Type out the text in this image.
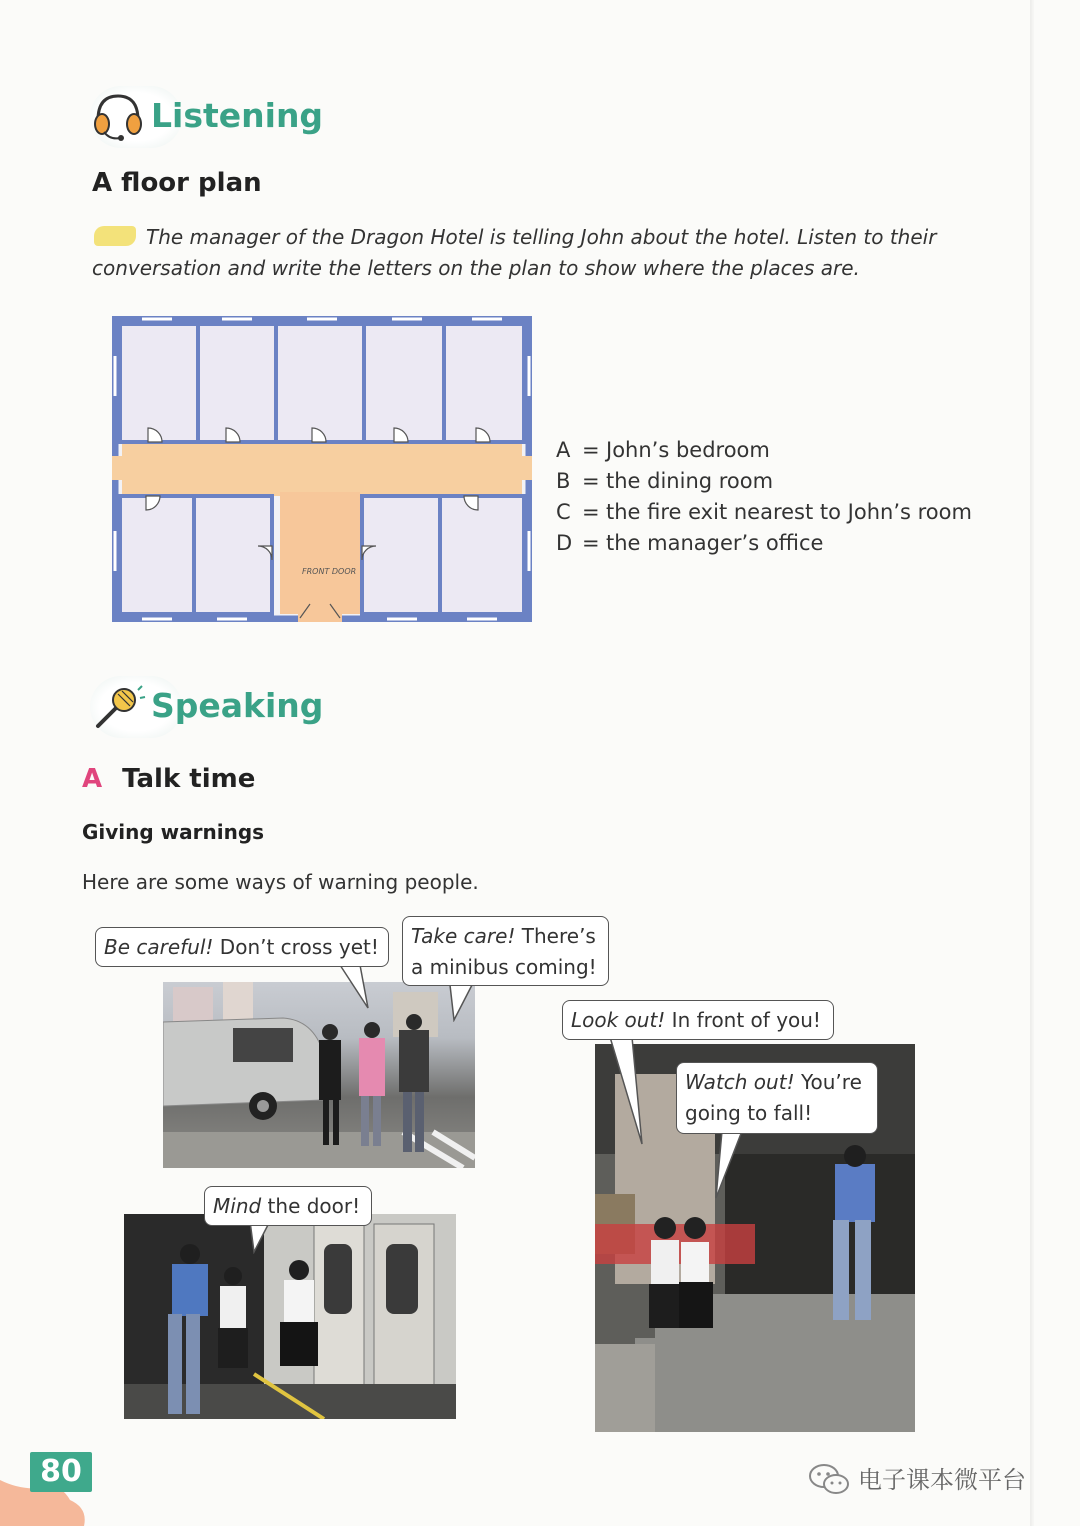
Listening
A floor plan
The manager of the Dragon Hotel is telling John about the hotel. Listen to their
conversation and write the letters on the plan to show where the places are.
FRONT DOOR
A = John’s bedroom
B = the dining room
C = the fire exit nearest to John’s room
D = the manager’s office
Speaking
A Talk time
Giving warnings
Here are some ways of warning people.
Be careful! Don’t cross yet!	Take care! There’s
a minibus coming!
Look out! In front of you!
Watch out! You’re
going to fall!
Mind the door!
80	电子课本微平台
